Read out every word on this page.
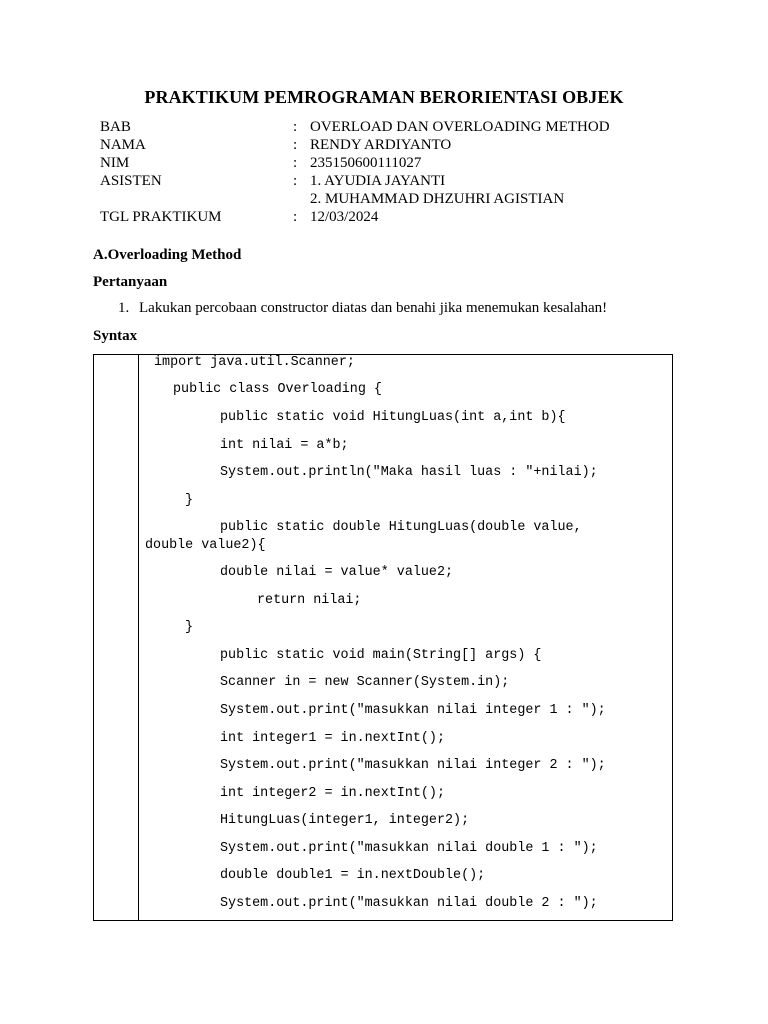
PRAKTIKUM PEMROGRAMAN BERORIENTASI OBJEK
BAB	: OVERLOAD DAN OVERLOADING METHOD
NAMA	: RENDY ARDIYANTO
NIM	: 235150600111027
ASISTEN	: 1. AYUDIA JAYANTI
2. MUHAMMAD DHZUHRI AGISTIAN
TGL PRAKTIKUM	: 12/03/2024
A.Overloading Method
Pertanyaan
1. Lakukan percobaan constructor diatas dan benahi jika menemukan kesalahan!
Syntax
import java.util.Scanner;
public class Overloading {
public static void HitungLuas(int a,int b){
int nilai = a*b;
System.out.println("Maka hasil luas : "+nilai);
}
public static double HitungLuas(double value,
double value2){
double nilai = value* value2;
return nilai;
}
public static void main(String[] args) {
Scanner in = new Scanner(System.in);
System.out.print("masukkan nilai integer 1 : ");
int integer1 = in.nextInt();
System.out.print("masukkan nilai integer 2 : ");
int integer2 = in.nextInt();
HitungLuas(integer1, integer2);
System.out.print("masukkan nilai double 1 : ");
double double1 = in.nextDouble();
System.out.print("masukkan nilai double 2 : ");
